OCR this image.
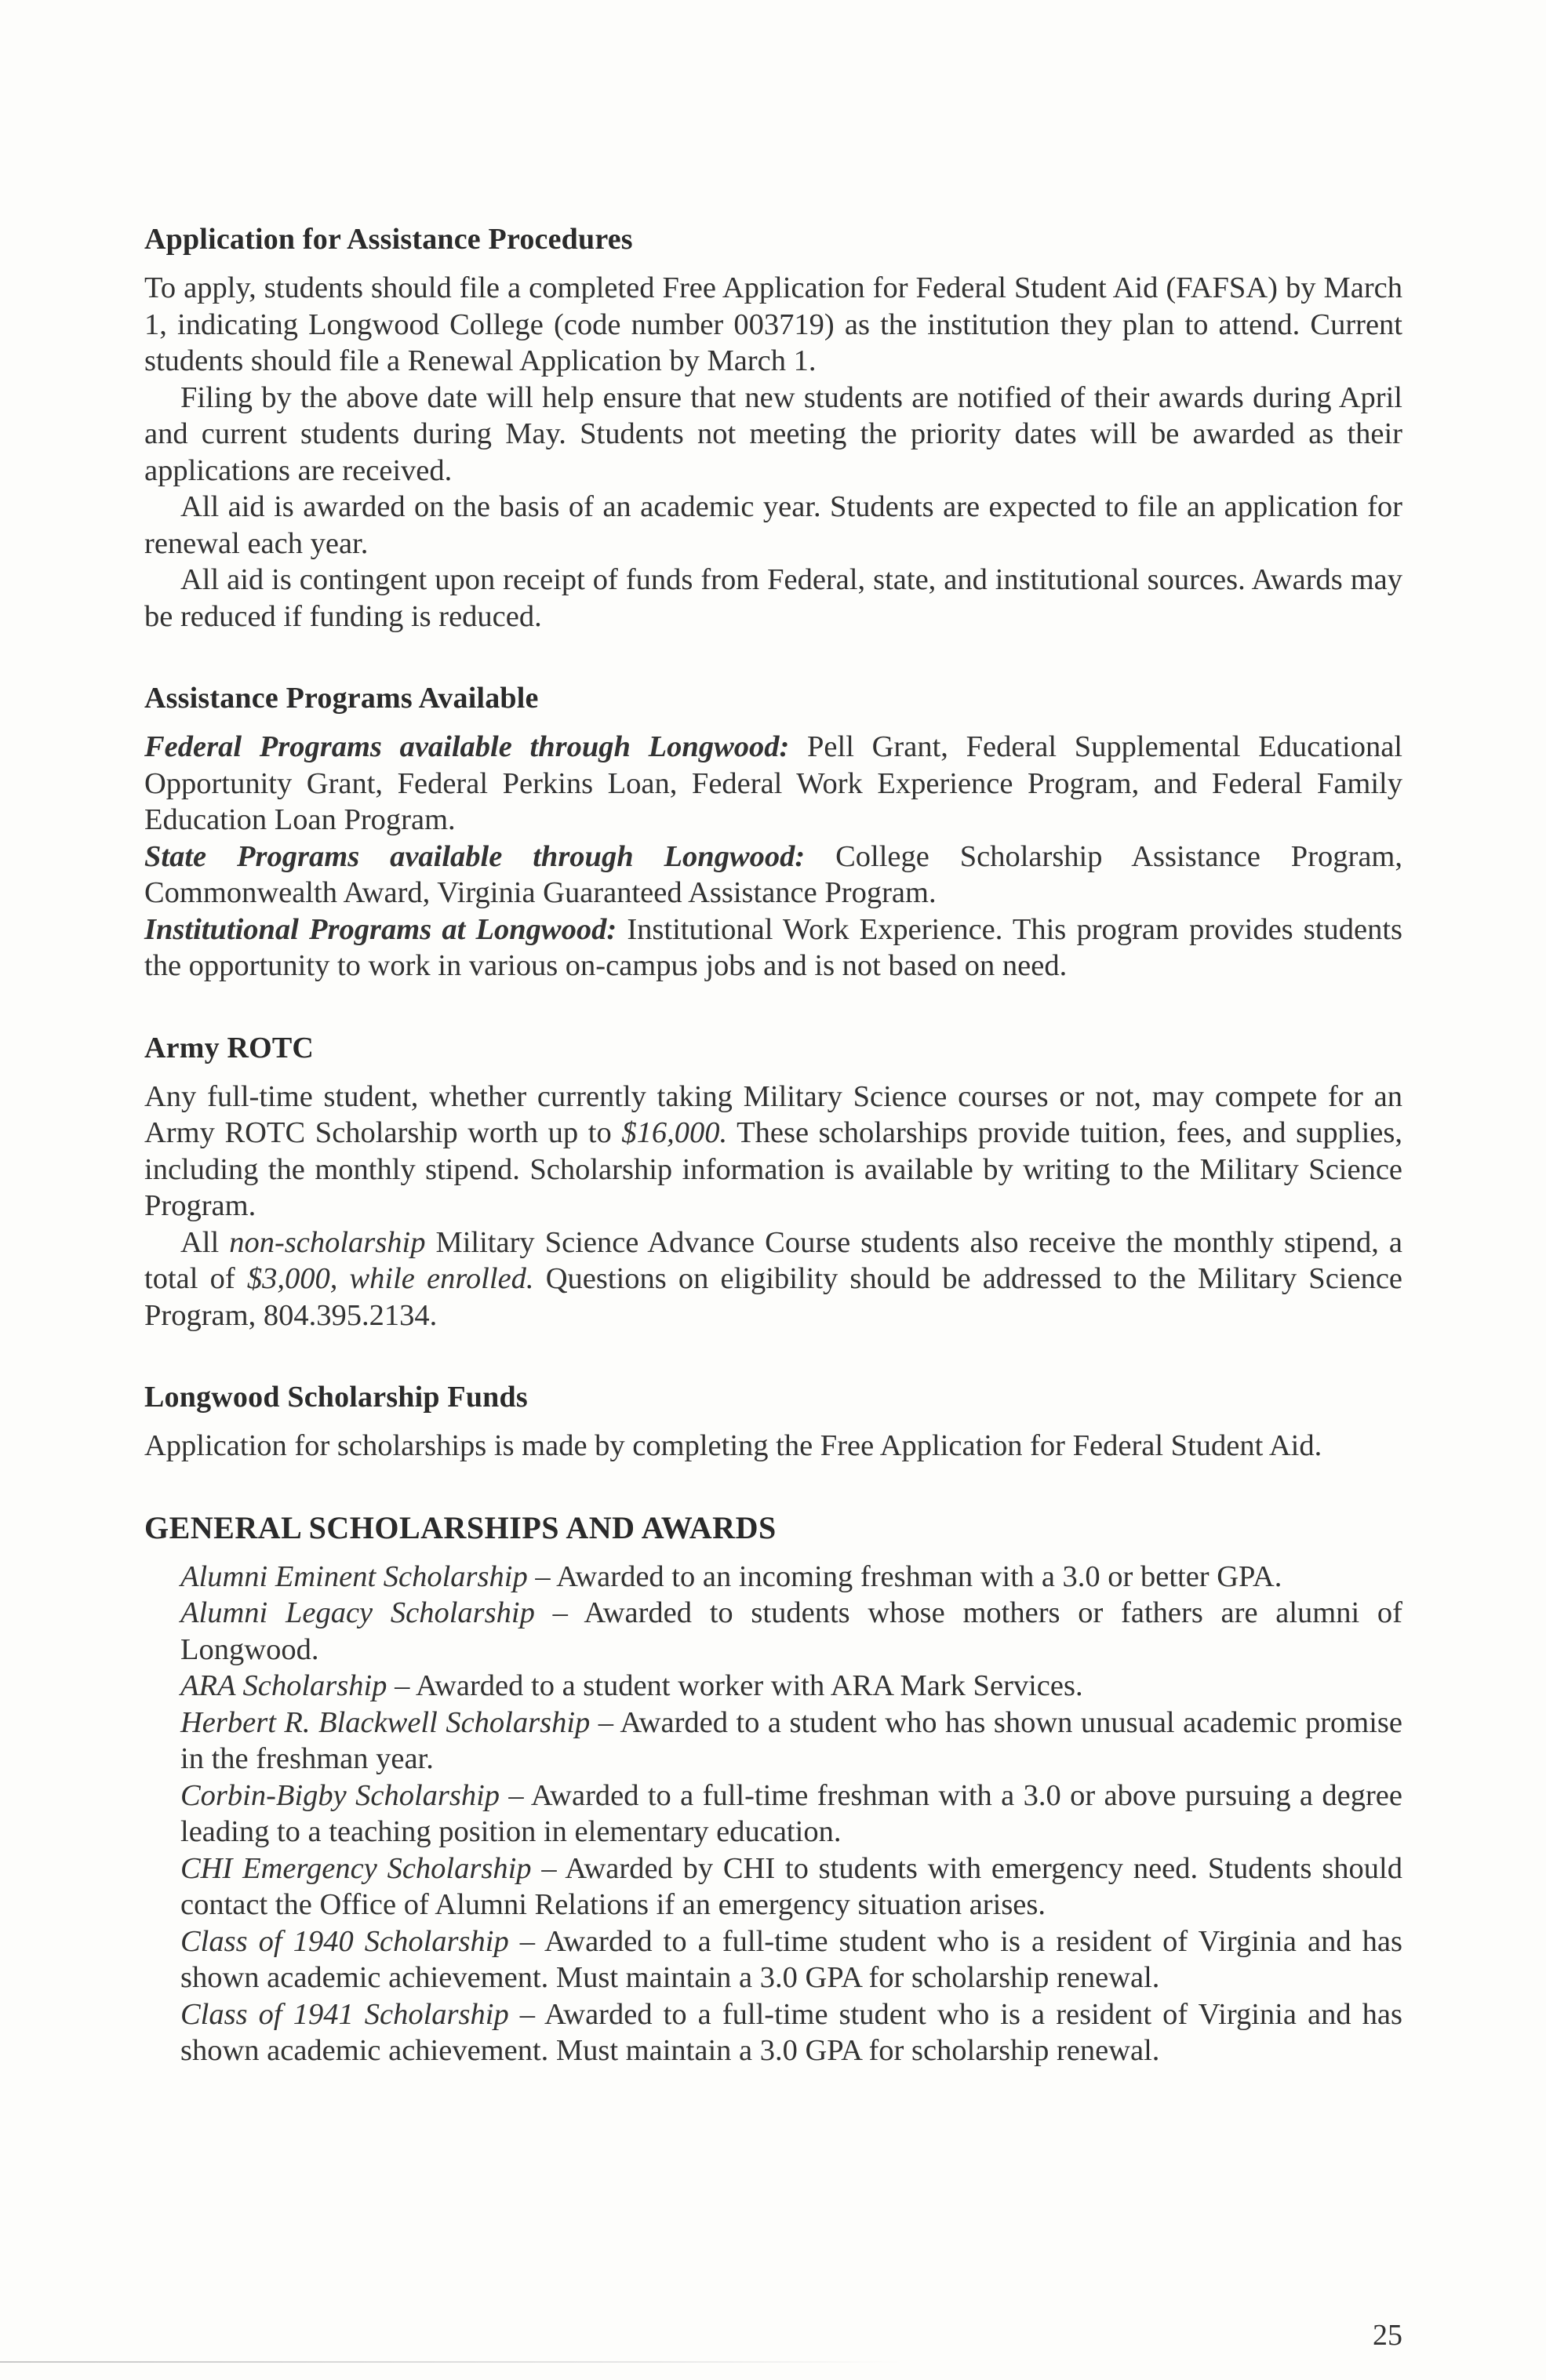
Application for Assistance Procedures

To apply, students should file a completed Free Application for Federal Student Aid (FAFSA) by March 1, indicating Longwood College (code number 003719) as the institution they plan to attend. Current students should file a Renewal Application by March 1.

Filing by the above date will help ensure that new students are notified of their awards during April and current students during May. Students not meeting the priority dates will be awarded as their applications are received.

All aid is awarded on the basis of an academic year. Students are expected to file an application for renewal each year.

All aid is contingent upon receipt of funds from Federal, state, and institutional sources. Awards may be reduced if funding is reduced.

Assistance Programs Available

Federal Programs available through Longwood: Pell Grant, Federal Supplemental Educational Opportunity Grant, Federal Perkins Loan, Federal Work Experience Program, and Federal Family Education Loan Program.

State Programs available through Longwood: College Scholarship Assistance Program, Commonwealth Award, Virginia Guaranteed Assistance Program.

Institutional Programs at Longwood: Institutional Work Experience. This program provides students the opportunity to work in various on-campus jobs and is not based on need.

Army ROTC

Any full-time student, whether currently taking Military Science courses or not, may compete for an Army ROTC Scholarship worth up to $16,000. These scholarships provide tuition, fees, and supplies, including the monthly stipend. Scholarship information is available by writing to the Military Science Program.

All non-scholarship Military Science Advance Course students also receive the monthly stipend, a total of $3,000, while enrolled. Questions on eligibility should be addressed to the Military Science Program, 804.395.2134.

Longwood Scholarship Funds

Application for scholarships is made by completing the Free Application for Federal Student Aid.

GENERAL SCHOLARSHIPS AND AWARDS

Alumni Eminent Scholarship – Awarded to an incoming freshman with a 3.0 or better GPA.

Alumni Legacy Scholarship – Awarded to students whose mothers or fathers are alumni of Longwood.

ARA Scholarship – Awarded to a student worker with ARA Mark Services.

Herbert R. Blackwell Scholarship – Awarded to a student who has shown unusual academic promise in the freshman year.

Corbin-Bigby Scholarship – Awarded to a full-time freshman with a 3.0 or above pursuing a degree leading to a teaching position in elementary education.

CHI Emergency Scholarship – Awarded by CHI to students with emergency need. Students should contact the Office of Alumni Relations if an emergency situation arises.

Class of 1940 Scholarship – Awarded to a full-time student who is a resident of Virginia and has shown academic achievement. Must maintain a 3.0 GPA for scholarship renewal.

Class of 1941 Scholarship – Awarded to a full-time student who is a resident of Virginia and has shown academic achievement. Must maintain a 3.0 GPA for scholarship renewal.

25
